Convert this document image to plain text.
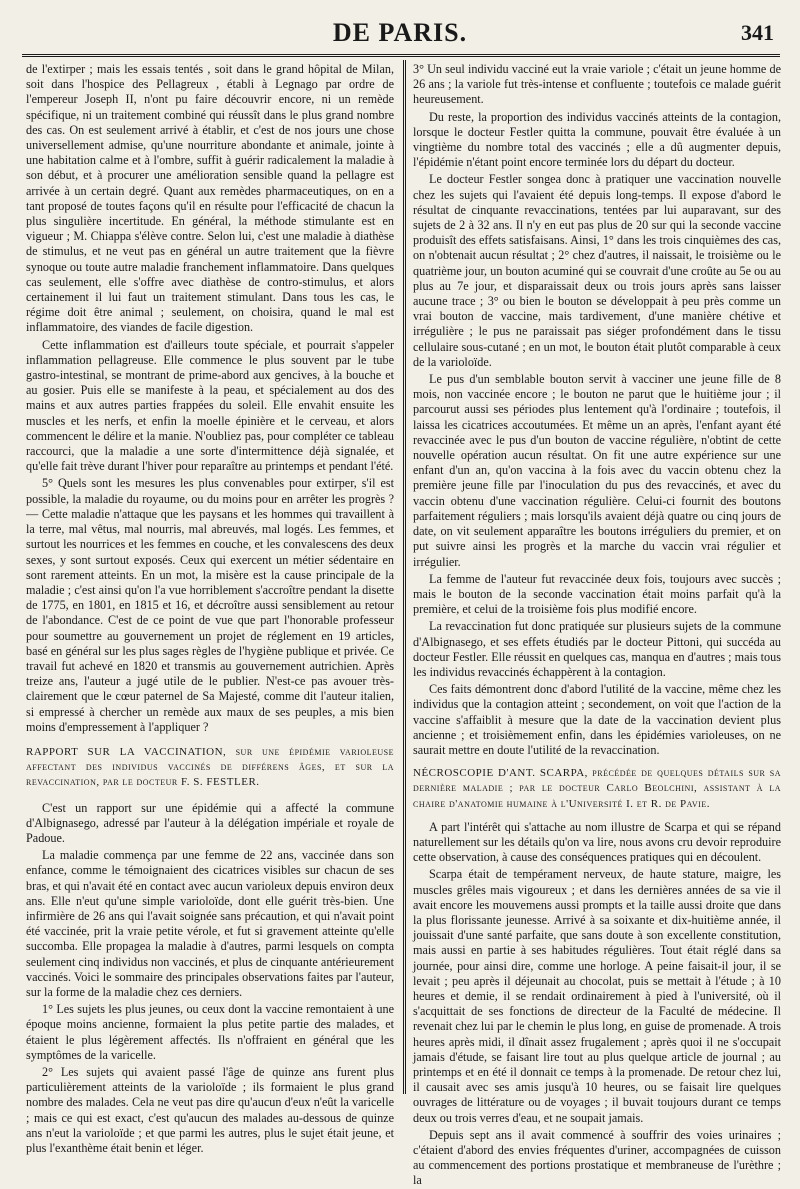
DE PARIS.	341

de l'extirper ; mais les essais tentés , soit dans le grand hôpital de Milan, soit dans l'hospice des Pellagreux , établi à Legnago par ordre de l'empereur Joseph II, n'ont pu faire découvrir encore, ni un remède spécifique, ni un traitement combiné qui réussît dans le plus grand nombre des cas. On est seulement arrivé à établir, et c'est de nos jours une chose universellement admise, qu'une nourriture abondante et animale, jointe à une habitation calme et à l'ombre, suffit à guérir radicalement la maladie à son début, et à procurer une amélioration sensible quand la pellagre est arrivée à un certain degré. Quant aux remèdes pharmaceutiques, on en a tant proposé de toutes façons qu'il en résulte pour l'efficacité de chacun la plus singulière incertitude. En général, la méthode stimulante est en vigueur ; M. Chiappa s'élève contre. Selon lui, c'est une maladie à diathèse de stimulus, et ne veut pas en général un autre traitement que la fièvre synoque ou toute autre maladie franchement inflammatoire. Dans quelques cas seulement, elle s'offre avec diathèse de contro-stimulus, et alors certainement il lui faut un traitement stimulant. Dans tous les cas, le régime doit être animal ; seulement, on choisira, quand le mal est inflammatoire, des viandes de facile digestion.

Cette inflammation est d'ailleurs toute spéciale, et pourrait s'appeler inflammation pellagreuse. Elle commence le plus souvent par le tube gastro-intestinal, se montrant de prime-abord aux gencives, à la bouche et au gosier. Puis elle se manifeste à la peau, et spécialement au dos des mains et aux autres parties frappées du soleil. Elle envahit ensuite les muscles et les nerfs, et enfin la moelle épinière et le cerveau, et alors commencent le délire et la manie. N'oubliez pas, pour compléter ce tableau raccourci, que la maladie a une sorte d'intermittence déjà signalée, et qu'elle fait trève durant l'hiver pour reparaître au printemps et pendant l'été.

5° Quels sont les mesures les plus convenables pour extirper, s'il est possible, la maladie du royaume, ou du moins pour en arrêter les progrès ? — Cette maladie n'attaque que les paysans et les hommes qui travaillent à la terre, mal vêtus, mal nourris, mal abreuvés, mal logés. Les femmes, et surtout les nourrices et les femmes en couche, et les convalescens des deux sexes, y sont surtout exposés. Ceux qui exercent un métier sédentaire en sont rarement atteints. En un mot, la misère est la cause principale de la maladie ; c'est ainsi qu'on l'a vue horriblement s'accroître pendant la disette de 1775, en 1801, en 1815 et 16, et décroître aussi sensiblement au retour de l'abondance. C'est de ce point de vue que part l'honorable professeur pour soumettre au gouvernement un projet de réglement en 19 articles, basé en général sur les plus sages règles de l'hygiène publique et privée. Ce travail fut achevé en 1820 et transmis au gouvernement autrichien. Après treize ans, l'auteur a jugé utile de le publier. N'est-ce pas avouer très-clairement que le cœur paternel de Sa Majesté, comme dit l'auteur italien, si empressé à chercher un remède aux maux de ses peuples, a mis bien moins d'empressement à l'appliquer ?

RAPPORT SUR LA VACCINATION, sur une épidémie varioleuse affectant des individus vaccinés de différens âges, et sur la revaccination, par le docteur F. S. FESTLER.

C'est un rapport sur une épidémie qui a affecté la commune d'Albignasego, adressé par l'auteur à la délégation impériale et royale de Padoue.

La maladie commença par une femme de 22 ans, vaccinée dans son enfance, comme le témoignaient des cicatrices visibles sur chacun de ses bras, et qui n'avait été en contact avec aucun varioleux depuis environ deux ans. Elle n'eut qu'une simple varioloïde, dont elle guérit très-bien. Une infirmière de 26 ans qui l'avait soignée sans précaution, et qui n'avait point été vaccinée, prit la vraie petite vérole, et fut si gravement atteinte qu'elle succomba. Elle propagea la maladie à d'autres, parmi lesquels on compta seulement cinq individus non vaccinés, et plus de cinquante antérieurement vaccinés. Voici le sommaire des principales observations faites par l'auteur, sur la forme de la maladie chez ces derniers.

1° Les sujets les plus jeunes, ou ceux dont la vaccine remontaient à une époque moins ancienne, formaient la plus petite partie des malades, et étaient le plus légèrement affectés. Ils n'offraient en général que les symptômes de la varicelle.

2° Les sujets qui avaient passé l'âge de quinze ans furent plus particulièrement atteints de la varioloïde ; ils formaient le plus grand nombre des malades. Cela ne veut pas dire qu'aucun d'eux n'eût la varicelle ; mais ce qui est exact, c'est qu'aucun des malades au-dessous de quinze ans n'eut la varioloïde ; et que parmi les autres, plus le sujet était jeune, et plus l'exanthème était benin et léger.

3° Un seul individu vacciné eut la vraie variole ; c'était un jeune homme de 26 ans ; la variole fut très-intense et confluente ; toutefois ce malade guérit heureusement.

Du reste, la proportion des individus vaccinés atteints de la contagion, lorsque le docteur Festler quitta la commune, pouvait être évaluée à un vingtième du nombre total des vaccinés ; elle a dû augmenter depuis, l'épidémie n'étant point encore terminée lors du départ du docteur.

Le docteur Festler songea donc à pratiquer une vaccination nouvelle chez les sujets qui l'avaient été depuis long-temps. Il expose d'abord le résultat de cinquante revaccinations, tentées par lui auparavant, sur des sujets de 2 à 32 ans. Il n'y en eut pas plus de 20 sur qui la seconde vaccine produisît des effets satisfaisans. Ainsi, 1° dans les trois cinquièmes des cas, on n'obtenait aucun résultat ; 2° chez d'autres, il naissait, le troisième ou le quatrième jour, un bouton acuminé qui se couvrait d'une croûte au 5e ou au plus au 7e jour, et disparaissait deux ou trois jours après sans laisser aucune trace ; 3° ou bien le bouton se développait à peu près comme un vrai bouton de vaccine, mais tardivement, d'une manière chétive et irrégulière ; le pus ne paraissait pas siéger profondément dans le tissu cellulaire sous-cutané ; en un mot, le bouton était plutôt comparable à ceux de la varioloïde.

Le pus d'un semblable bouton servit à vacciner une jeune fille de 8 mois, non vaccinée encore ; le bouton ne parut que le huitième jour ; il parcourut aussi ses périodes plus lentement qu'à l'ordinaire ; toutefois, il laissa les cicatrices accoutumées. Et même un an après, l'enfant ayant été revaccinée avec le pus d'un bouton de vaccine régulière, n'obtint de cette nouvelle opération aucun résultat. On fit une autre expérience sur une enfant d'un an, qu'on vaccina à la fois avec du vaccin obtenu chez la première jeune fille par l'inoculation du pus des revaccinés, et avec du vaccin obtenu d'une vaccination régulière. Celui-ci fournit des boutons parfaitement réguliers ; mais lorsqu'ils avaient déjà quatre ou cinq jours de date, on vit seulement apparaître les boutons irréguliers du premier, et on put suivre ainsi les progrès et la marche du vaccin vrai régulier et irrégulier.

La femme de l'auteur fut revaccinée deux fois, toujours avec succès ; mais le bouton de la seconde vaccination était moins parfait qu'à la première, et celui de la troisième fois plus modifié encore.

La revaccination fut donc pratiquée sur plusieurs sujets de la commune d'Albignasego, et ses effets étudiés par le docteur Pittoni, qui succéda au docteur Festler. Elle réussit en quelques cas, manqua en d'autres ; mais tous les individus revaccinés échappèrent à la contagion.

Ces faits démontrent donc d'abord l'utilité de la vaccine, même chez les individus que la contagion atteint ; secondement, on voit que l'action de la vaccine s'affaiblit à mesure que la date de la vaccination devient plus ancienne ; et troisièmement enfin, dans les épidémies varioleuses, on ne saurait mettre en doute l'utilité de la revaccination.

NÉCROSCOPIE D'ANT. SCARPA, précédée de quelques détails sur sa dernière maladie ; par le docteur Carlo Beolchini, assistant à la chaire d'anatomie humaine à l'Université I. et R. de Pavie.

A part l'intérêt qui s'attache au nom illustre de Scarpa et qui se répand naturellement sur les détails qu'on va lire, nous avons cru devoir reproduire cette observation, à cause des conséquences pratiques qui en découlent.

Scarpa était de tempérament nerveux, de haute stature, maigre, les muscles grêles mais vigoureux ; et dans les dernières années de sa vie il avait encore les mouvemens aussi prompts et la taille aussi droite que dans la plus florissante jeunesse. Arrivé à sa soixante et dix-huitième année, il jouissait d'une santé parfaite, que sans doute à son excellente constitution, mais aussi en partie à ses habitudes régulières. Tout était réglé dans sa journée, pour ainsi dire, comme une horloge. A peine faisait-il jour, il se levait ; peu après il déjeunait au chocolat, puis se mettait à l'étude ; à 10 heures et demie, il se rendait ordinairement à pied à l'université, où il s'acquittait de ses fonctions de directeur de la Faculté de médecine. Il revenait chez lui par le chemin le plus long, en guise de promenade. A trois heures après midi, il dînait assez frugalement ; après quoi il ne s'occupait jamais d'étude, se faisant lire tout au plus quelque article de journal ; au printemps et en été il donnait ce temps à la promenade. De retour chez lui, il causait avec ses amis jusqu'à 10 heures, ou se faisait lire quelques ouvrages de littérature ou de voyages ; il buvait toujours durant ce temps deux ou trois verres d'eau, et ne soupait jamais.

Depuis sept ans il avait commencé à souffrir des voies urinaires ; c'étaient d'abord des envies fréquentes d'uriner, accompagnées de cuisson au commencement des portions prostatique et membraneuse de l'urèthre ; la
